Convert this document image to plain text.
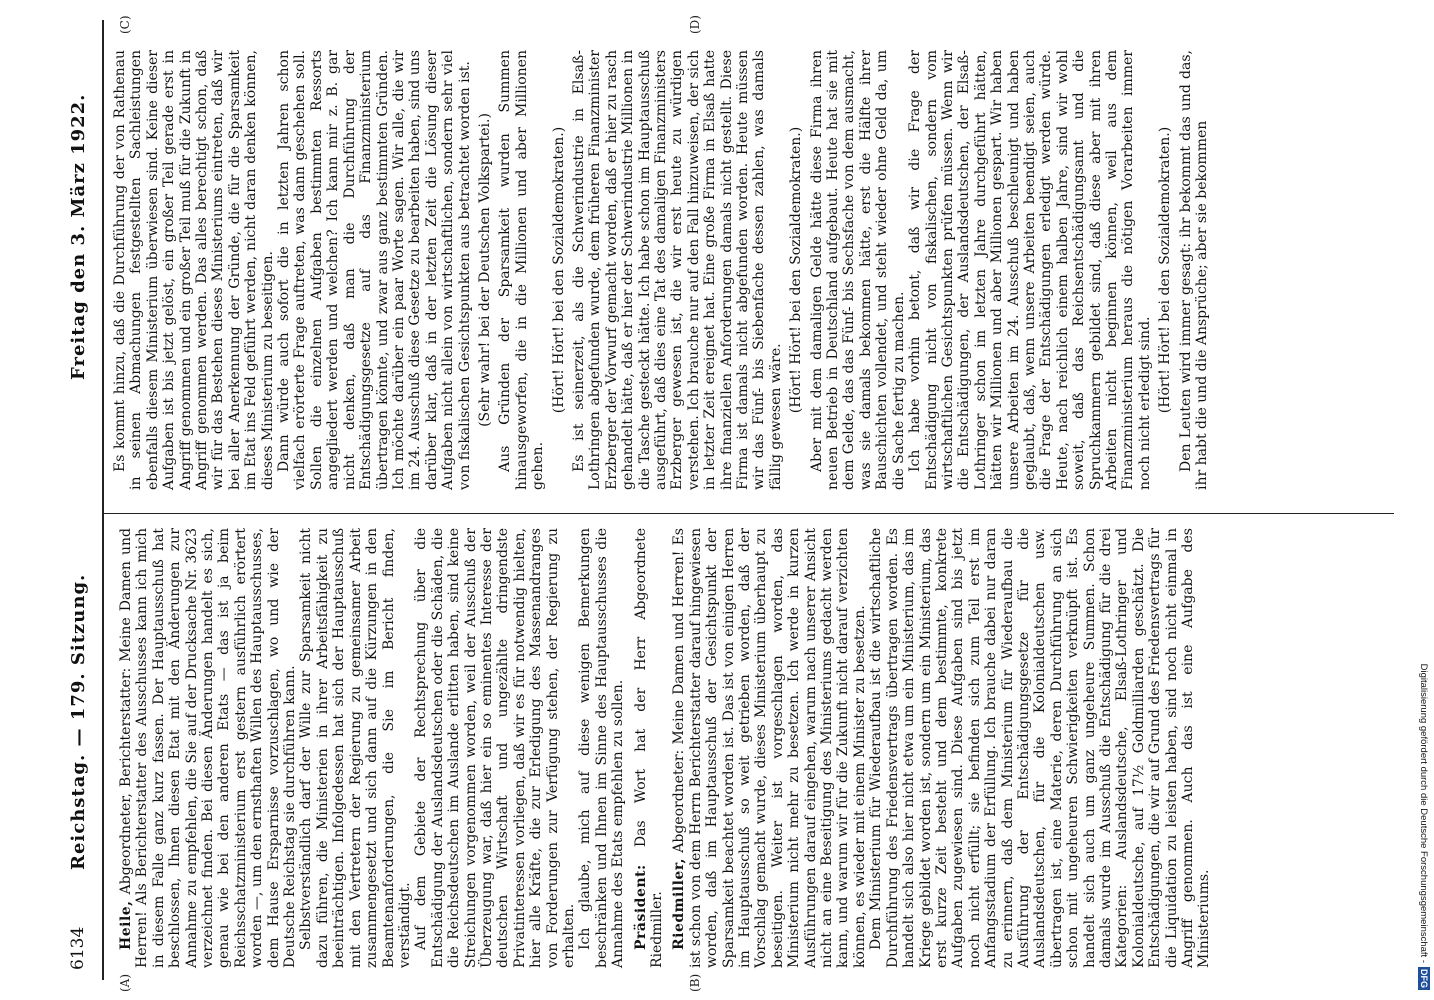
6134
Reichstag. — 179. Sitzung.
Freitag den 3. März 1922.
(A)	(B)
(C)	(D)

Heile, Abgeordneter, Berichterstatter: Meine Damen und Herren! Als Berichterstatter des Ausschusses kann ich mich in diesem Falle ganz kurz fassen. Der Hauptausschuß hat beschlossen, Ihnen diesen Etat mit den Änderungen zur Annahme zu empfehlen, die Sie auf der Drucksache Nr. 3623 verzeichnet finden. Bei diesen Änderungen handelt es sich, genau wie bei den anderen Etats — das ist ja beim Reichsschatzministerium erst gestern ausführlich erörtert worden —, um den ernsthaften Willen des Hauptausschusses, dem Hause Ersparnisse vorzuschlagen, wo und wie der Deutsche Reichstag sie durchführen kann. Selbstverständlich darf der Wille zur Sparsamkeit nicht dazu führen, die Ministerien in ihrer Arbeitsfähigkeit zu beeinträchtigen. Infolgedessen hat sich der Hauptausschuß mit den Vertretern der Regierung zu gemeinsamer Arbeit zusammengesetzt und sich dann auf die Kürzungen in den Beamtenanforderungen, die Sie im Bericht finden, verständigt. Auf dem Gebiete der Rechtsprechung über die Entschädigung der Auslandsdeutschen oder die Schäden, die die Reichsdeutschen im Auslande erlitten haben, sind keine Streichungen vorgenommen worden, weil der Ausschuß der Überzeugung war, daß hier ein so eminentes Interesse der deutschen Wirtschaft und ungezählte dringendste Privatinteressen vorliegen, daß wir es für notwendig hielten, hier alle Kräfte, die zur Erledigung des Massenandranges von Forderungen zur Verfügung stehen, der Regierung zu erhalten. Ich glaube, mich auf diese wenigen Bemerkungen beschränken und Ihnen im Sinne des Hauptausschusses die Annahme des Etats empfehlen zu sollen. Präsident: Das Wort hat der Herr Abgeordnete Riedmiller. Riedmiller, Abgeordneter: Meine Damen und Herren! Es ist schon von dem Herrn Berichterstatter darauf hingewiesen worden, daß im Hauptausschuß der Gesichtspunkt der Sparsamkeit beachtet worden ist. Das ist von einigen Herren im Hauptausschuß so weit getrieben worden, daß der Vorschlag gemacht wurde, dieses Ministerium überhaupt zu beseitigen. Weiter ist vorgeschlagen worden, das Ministerium nicht mehr zu besetzen. Ich werde in kurzen Ausführungen darauf eingehen, warum nach unserer Ansicht nicht an eine Beseitigung des Ministeriums gedacht werden kann, und warum wir für die Zukunft nicht darauf verzichten können, es wieder mit einem Minister zu besetzen. Dem Ministerium für Wiederaufbau ist die wirtschaftliche Durchführung des Friedensvertrags übertragen worden. Es handelt sich also hier nicht etwa um ein Ministerium, das im Kriege gebildet worden ist, sondern um ein Ministerium, das erst kurze Zeit besteht und dem bestimmte, konkrete Aufgaben zugewiesen sind. Diese Aufgaben sind bis jetzt noch nicht erfüllt; sie befinden sich zum Teil erst im Anfangsstadium der Erfüllung. Ich brauche dabei nur daran zu erinnern, daß dem Ministerium für Wiederaufbau die Ausführung der Entschädigungsgesetze für die Auslandsdeutschen, für die Kolonialdeutschen usw. übertragen ist, eine Materie, deren Durchführung an sich schon mit ungeheuren Schwierigkeiten verknüpft ist. Es handelt sich auch um ganz ungeheure Summen. Schon damals wurde im Ausschuß die Entschädigung für die drei Kategorien: Auslandsdeutsche, Elsaß-Lothringer und Kolonialdeutsche, auf 17½ Goldmilliarden geschätzt. Die Entschädigungen, die wir auf Grund des Friedensvertrags für die Liquidation zu leisten haben, sind noch nicht einmal in Angriff genommen. Auch das ist eine Aufgabe des Ministeriums.

Es kommt hinzu, daß die Durchführung der von Rathenau in seinen Abmachungen festgestellten Sachleistungen ebenfalls diesem Ministerium überwiesen sind. Keine dieser Aufgaben ist bis jetzt gelöst, ein großer Teil gerade erst in Angriff genommen und ein großer Teil muß für die Zukunft in Angriff genommen werden. Das alles berechtigt schon, daß wir für das Bestehen dieses Ministeriums eintreten, daß wir bei aller Anerkennung der Gründe, die für die Sparsamkeit im Etat ins Feld geführt werden, nicht daran denken können, dieses Ministerium zu beseitigen. Dann würde auch sofort die in letzten Jahren schon vielfach erörterte Frage auftreten, was dann geschehen soll. Sollen die einzelnen Aufgaben bestimmten Ressorts angegliedert werden und welchen? Ich kann mir z. B. gar nicht denken, daß man die Durchführung der Entschädigungsgesetze auf das Finanzministerium übertragen könnte, und zwar aus ganz bestimmten Gründen. Ich möchte darüber ein paar Worte sagen. Wir alle, die wir im 24. Ausschuß diese Gesetze zu bearbeiten haben, sind uns darüber klar, daß in der letzten Zeit die Lösung dieser Aufgaben nicht allein von wirtschaftlichen, sondern sehr viel von fiskalischen Gesichtspunkten aus betrachtet worden ist. (Sehr wahr! bei der Deutschen Volkspartei.) Aus Gründen der Sparsamkeit wurden Summen hinausgeworfen, die in die Millionen und aber Millionen gehen.

(Hört! Hört! bei den Sozialdemokraten.) Es ist seinerzeit, als die Schwerindustrie in Elsaß-Lothringen abgefunden wurde, dem früheren Finanzminister Erzberger der Vorwurf gemacht worden, daß er hier zu rasch gehandelt hätte, daß er hier der Schwerindustrie Millionen in die Tasche gesteckt hätte. Ich habe schon im Hauptausschuß ausgeführt, daß dies eine Tat des damaligen Finanzministers Erzberger gewesen ist, die wir erst heute zu würdigen verstehen. Ich brauche nur auf den Fall hinzuweisen, der sich in letzter Zeit ereignet hat. Eine große Firma in Elsaß hatte ihre finanziellen Anforderungen damals nicht gestellt. Diese Firma ist damals nicht abgefunden worden. Heute müssen wir das Fünf- bis Siebenfache dessen zahlen, was damals fällig gewesen wäre.

(Hört! Hört! bei den Sozialdemokraten.) Aber mit dem damaligen Gelde hätte diese Firma ihren neuen Betrieb in Deutschland aufgebaut. Heute hat sie mit dem Gelde, das das Fünf- bis Sechsfache von dem ausmacht, was sie damals bekommen hätte, erst die Hälfte ihrer Bauschichten vollendet, und steht wieder ohne Geld da, um die Sache fertig zu machen. Ich habe vorhin betont, daß wir die Frage der Entschädigung nicht von fiskalischen, sondern vom wirtschaftlichen Gesichtspunkten prüfen müssen. Wenn wir die Entschädigungen, der Auslandsdeutschen, der Elsaß-Lothringer schon im letzten Jahre durchgeführt hätten, hätten wir Millionen und aber Millionen gespart. Wir haben unsere Arbeiten im 24. Ausschuß beschleunigt und haben geglaubt, daß, wenn unsere Arbeiten beendigt seien, auch die Frage der Entschädigungen erledigt werden würde. Heute, nach reichlich einem halben Jahre, sind wir wohl soweit, daß das Reichsentschädigungsamt und die Spruchkammern gebildet sind, daß diese aber mit ihren Arbeiten nicht beginnen können, weil aus dem Finanzministerium heraus die nötigen Vorarbeiten immer noch nicht erledigt sind. (Hört! Hört! bei den Sozialdemokraten.) Den Leuten wird immer gesagt: ihr bekommt das und das, ihr habt die und die Ansprüche; aber sie bekommen

Digitalisierung gefördert durch die Deutsche Forschungsgemeinschaft -DFG
